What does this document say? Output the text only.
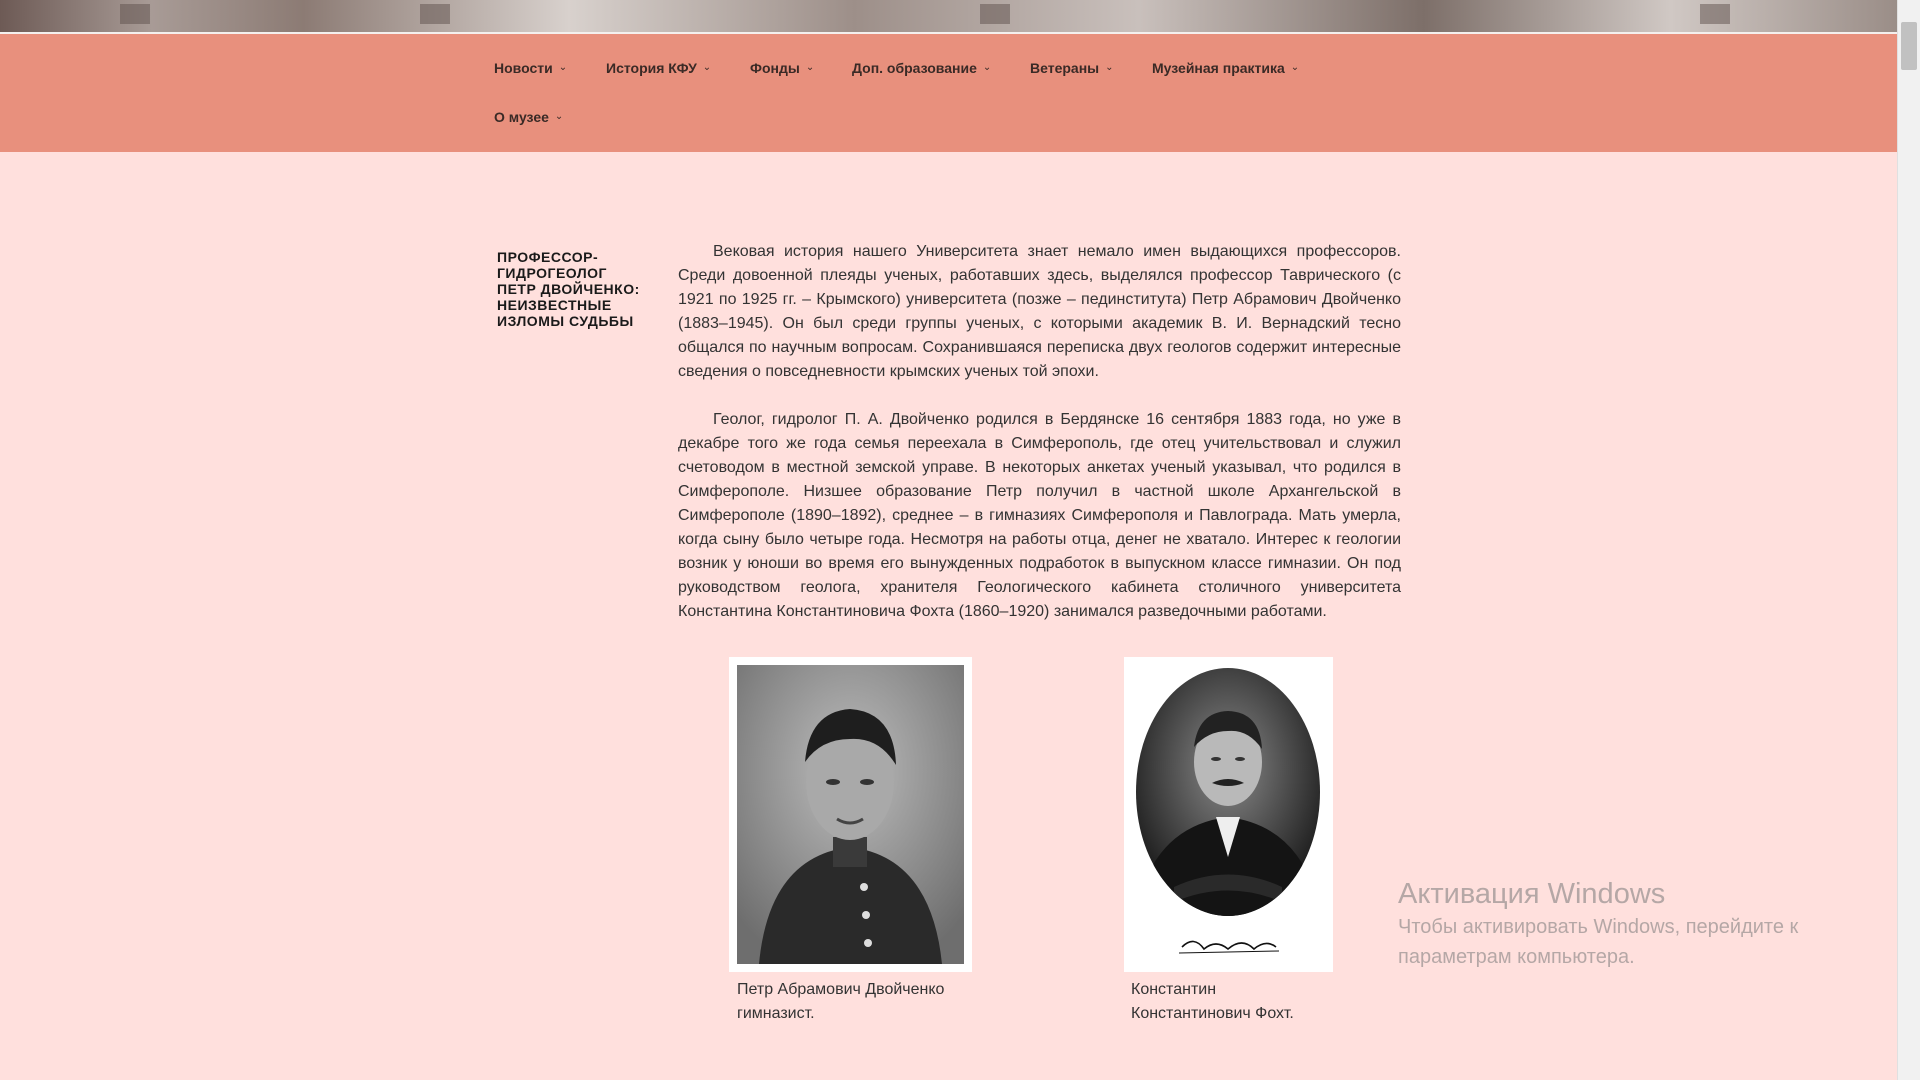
Новости ⌄	История КФУ ⌄	Фонды ⌄	Доп. образование ⌄	Ветераны ⌄	Музейная практика ⌄
О музее ⌄
ПРОФЕССОР-ГИДРОГЕОЛОГ ПЕТР ДВОЙЧЕНКО: НЕИЗВЕСТНЫЕ ИЗЛОМЫ СУДЬБЫ

Вековая история нашего Университета знает немало имен выдающихся профессоров. Среди довоенной плеяды ученых, работавших здесь, выделялся профессор Таврического (с 1921 по 1925 гг. – Крымского) университета (позже – пединститута) Петр Абрамович Двойченко (1883–1945). Он был среди группы ученых, с которыми академик В. И. Вернадский тесно общался по научным вопросам. Сохранившаяся переписка двух геологов содержит интересные сведения о повседневности крымских ученых той эпохи.

Геолог, гидролог П. А. Двойченко родился в Бердянске 16 сентября 1883 года, но уже в декабре того же года семья переехала в Симферополь, где отец учительствовал и служил счетоводом в местной земской управе. В некоторых анкетах ученый указывал, что родился в Симферополе. Низшее образование Петр получил в частной школе Архангельской в Симферополе (1890–1892), среднее – в гимназиях Симферополя и Павлограда. Мать умерла, когда сыну было четыре года. Несмотря на работы отца, денег не хватало. Интерес к геологии возник у юноши во время его вынужденных подработок в выпускном классе гимназии. Он под руководством геолога, хранителя Геологического кабинета столичного университета Константина Константиновича Фохта (1860–1920) занимался разведочными работами.

Петр Абрамович Двойченко
гимназист.
Константин
Константинович Фохт.
Активация Windows
Чтобы активировать Windows, перейдите к параметрам компьютера.
